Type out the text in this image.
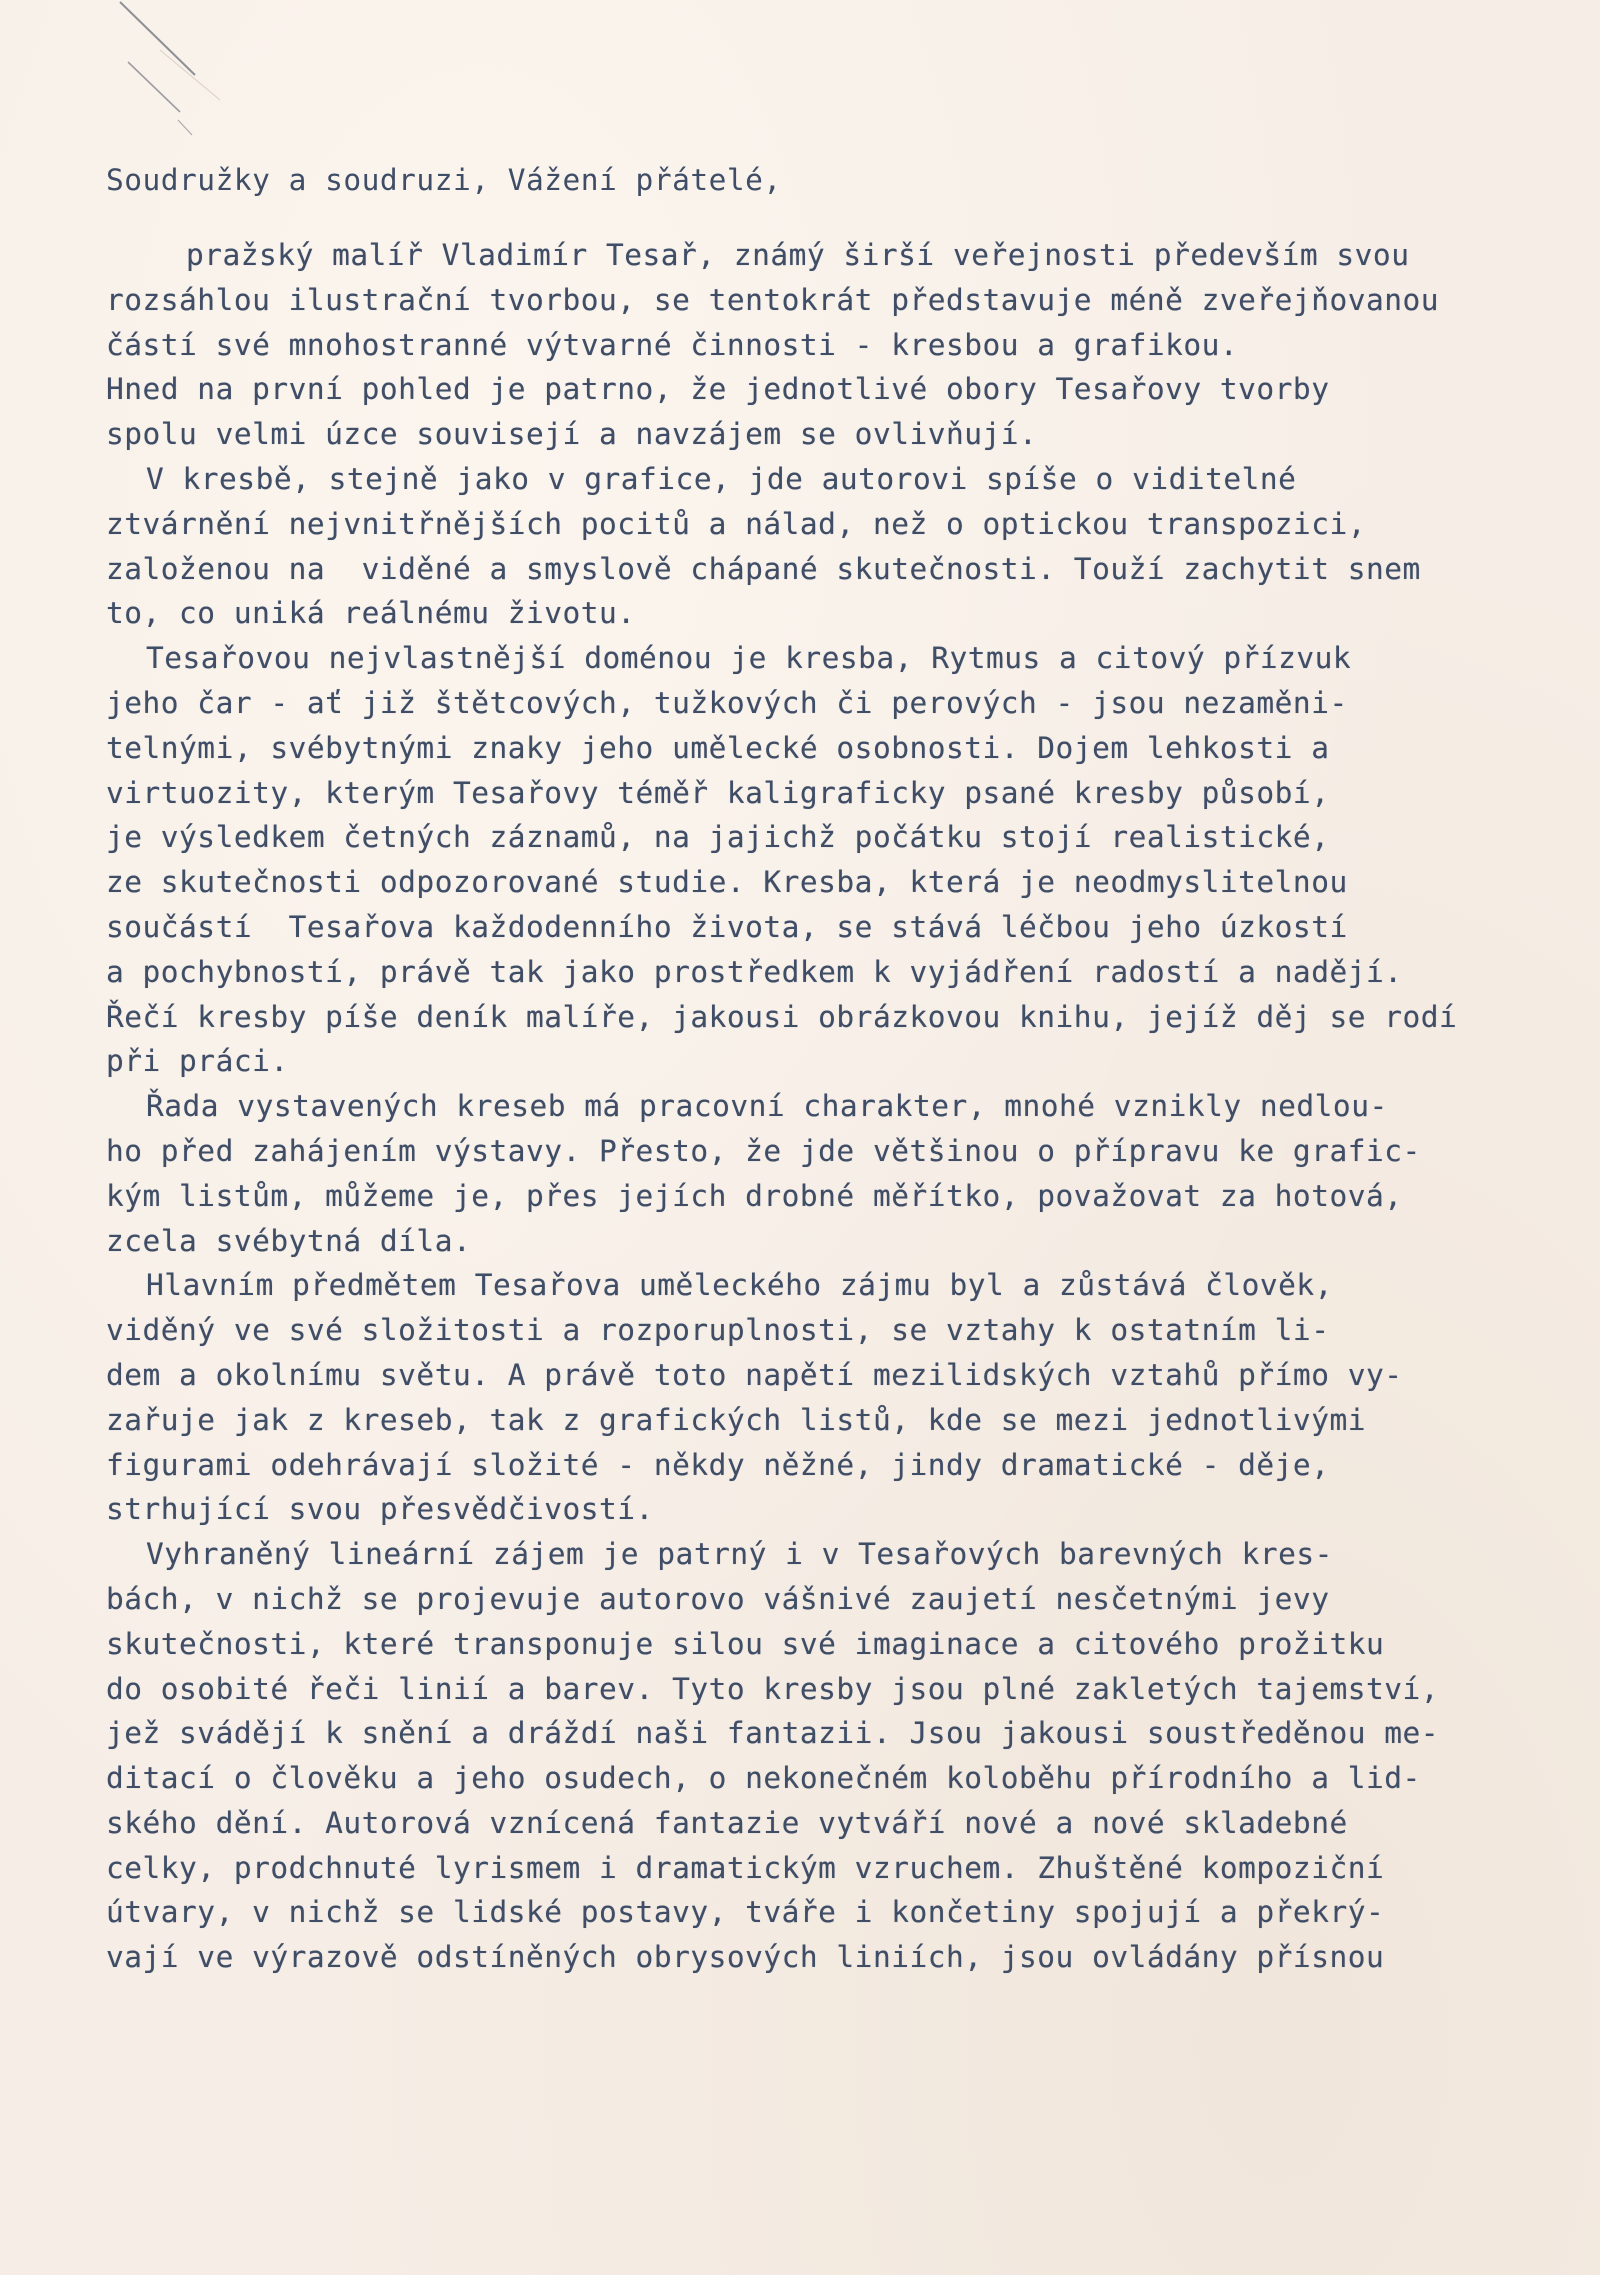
Soudružky a soudruzi, Vážení přátelé,
pražský malíř Vladimír Tesař, známý širší veřejnosti především svou
rozsáhlou ilustrační tvorbou, se tentokrát představuje méně zveřejňovanou
částí své mnohostranné výtvarné činnosti - kresbou a grafikou.
Hned na první pohled je patrno, že jednotlivé obory Tesařovy tvorby
spolu velmi úzce souvisejí a navzájem se ovlivňují.
V kresbě, stejně jako v grafice, jde autorovi spíše o viditelné
ztvárnění nejvnitřnějších pocitů a nálad, než o optickou transpozici,
založenou na  viděné a smyslově chápané skutečnosti. Touží zachytit snem
to, co uniká reálnému životu.
Tesařovou nejvlastnější doménou je kresba, Rytmus a citový přízvuk
jeho čar - ať již štětcových, tužkových či perových - jsou nezaměni-
telnými, svébytnými znaky jeho umělecké osobnosti. Dojem lehkosti a
virtuozity, kterým Tesařovy téměř kaligraficky psané kresby působí,
je výsledkem četných záznamů, na jajichž počátku stojí realistické,
ze skutečnosti odpozorované studie. Kresba, která je neodmyslitelnou
součástí  Tesařova každodenního života, se stává léčbou jeho úzkostí
a pochybností, právě tak jako prostředkem k vyjádření radostí a nadějí.
Řečí kresby píše deník malíře, jakousi obrázkovou knihu, jejíž děj se rodí
při práci.
Řada vystavených kreseb má pracovní charakter, mnohé vznikly nedlou-
ho před zahájením výstavy. Přesto, že jde většinou o přípravu ke grafic-
kým listům, můžeme je, přes jejích drobné měřítko, považovat za hotová,
zcela svébytná díla.
Hlavním předmětem Tesařova uměleckého zájmu byl a zůstává člověk,
viděný ve své složitosti a rozporuplnosti, se vztahy k ostatním li-
dem a okolnímu světu. A právě toto napětí mezilidských vztahů přímo vy-
zařuje jak z kreseb, tak z grafických listů, kde se mezi jednotlivými
figurami odehrávají složité - někdy něžné, jindy dramatické - děje,
strhující svou přesvědčivostí.
Vyhraněný lineární zájem je patrný i v Tesařových barevných kres-
bách, v nichž se projevuje autorovo vášnivé zaujetí nesčetnými jevy
skutečnosti, které transponuje silou své imaginace a citového prožitku
do osobité řeči linií a barev. Tyto kresby jsou plné zakletých tajemství,
jež svádějí k snění a dráždí naši fantazii. Jsou jakousi soustředěnou me-
ditací o člověku a jeho osudech, o nekonečném koloběhu přírodního a lid-
ského dění. Autorová vznícená fantazie vytváří nové a nové skladebné
celky, prodchnuté lyrismem i dramatickým vzruchem. Zhuštěné kompoziční
útvary, v nichž se lidské postavy, tváře i končetiny spojují a překrý-
vají ve výrazově odstíněných obrysových liniích, jsou ovládány přísnou
